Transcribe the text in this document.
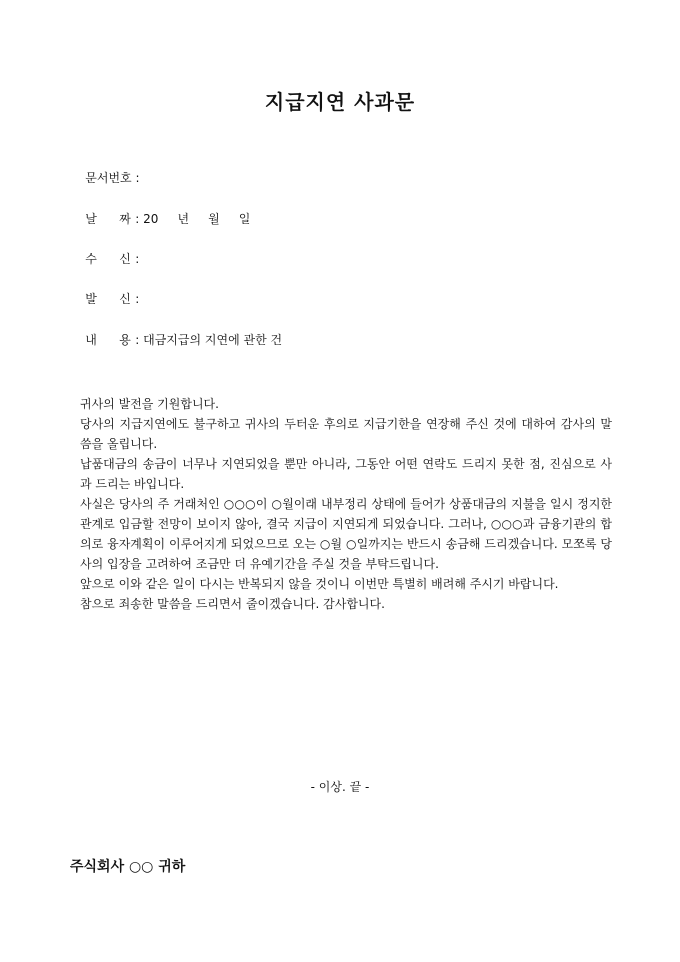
지급지연 사과문

문서번호 :

날 짜 : 20     년     월     일

수 신 :

발 신 :

내 용 : 대금지급의 지연에 관한 건

귀사의 발전을 기원합니다.

당사의 지급지연에도 불구하고 귀사의 두터운 후의로 지급기한을 연장해 주신 것에 대하여 감사의 말씀을 올립니다.

납품대금의 송금이 너무나 지연되었을 뿐만 아니라, 그동안 어떤 연락도 드리지 못한 점, 진심으로 사과 드리는 바입니다.

사실은 당사의 주 거래처인 ○○○이 ○월이래 내부정리 상태에 들어가 상품대금의 지불을 일시 정지한 관계로 입금할 전망이 보이지 않아, 결국 지급이 지연되게 되었습니다. 그러나, ○○○과 금융기관의 합의로 융자계획이 이루어지게 되었으므로 오는 ○월 ○일까지는 반드시 송금해 드리겠습니다. 모쪼록 당사의 입장을 고려하여 조금만 더 유예기간을 주실 것을 부탁드립니다.

앞으로 이와 같은 일이 다시는 반복되지 않을 것이니 이번만 특별히 배려해 주시기 바랍니다.

참으로 죄송한 말씀을 드리면서 줄이겠습니다. 감사합니다.

- 이상. 끝 -
주식회사 ○○ 귀하
